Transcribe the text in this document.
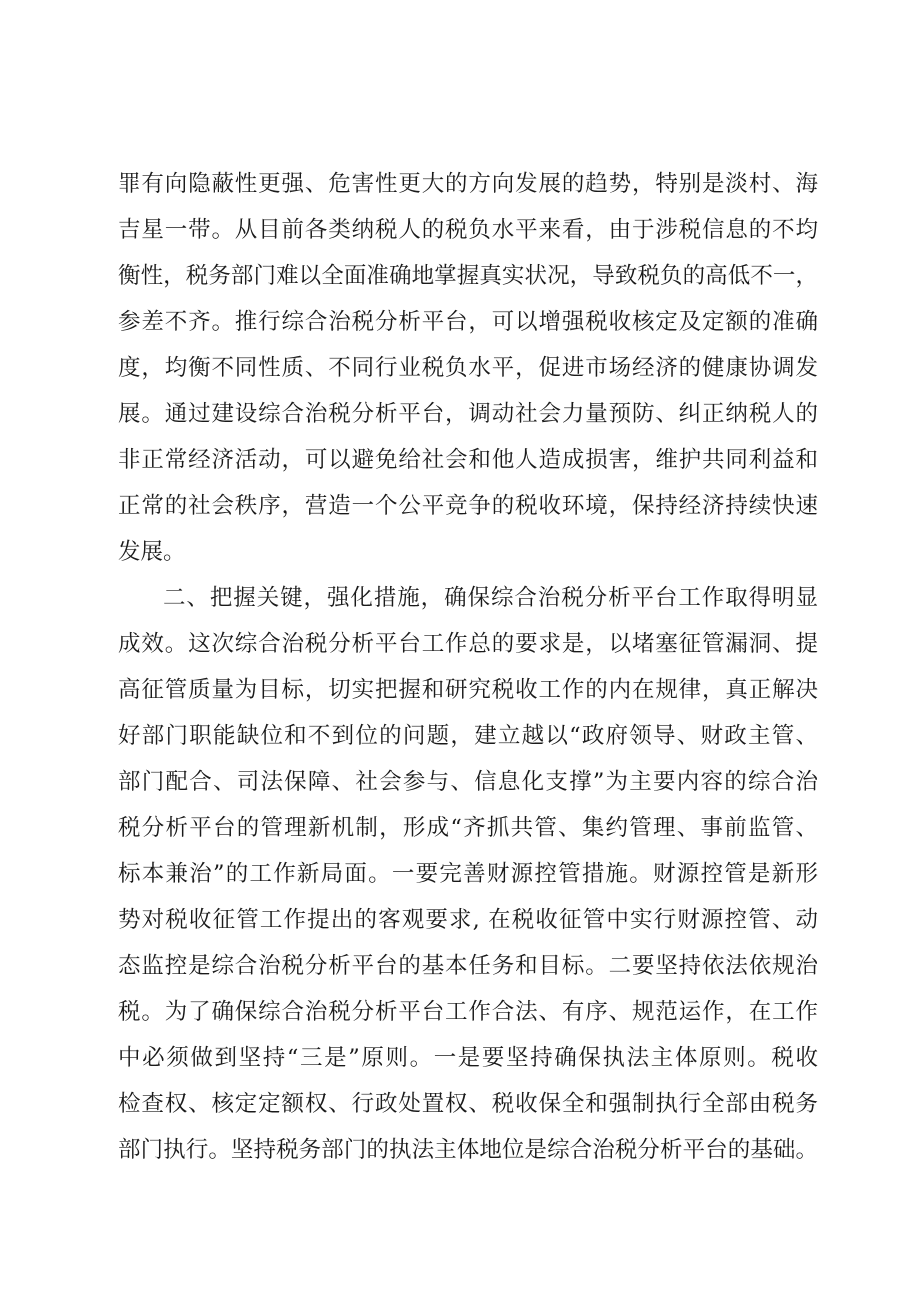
罪有向隐蔽性更强、危害性更大的方向发展的趋势，特别是淡村、海
吉星一带。从目前各类纳税人的税负水平来看，由于涉税信息的不均
衡性，税务部门难以全面准确地掌握真实状况，导致税负的高低不一，
参差不齐。推行综合治税分析平台，可以增强税收核定及定额的准确
度，均衡不同性质、不同行业税负水平，促进市场经济的健康协调发
展。通过建设综合治税分析平台，调动社会力量预防、纠正纳税人的
非正常经济活动，可以避免给社会和他人造成损害，维护共同利益和
正常的社会秩序，营造一个公平竞争的税收环境，保持经济持续快速
发展。
二、把握关键，强化措施，确保综合治税分析平台工作取得明显
成效。这次综合治税分析平台工作总的要求是，以堵塞征管漏洞、提
高征管质量为目标，切实把握和研究税收工作的内在规律，真正解决
好部门职能缺位和不到位的问题，建立越以“政府领导、财政主管、
部门配合、司法保障、社会参与、信息化支撑”为主要内容的综合治
税分析平台的管理新机制，形成“齐抓共管、集约管理、事前监管、
标本兼治”的工作新局面。一要完善财源控管措施。财源控管是新形
势对税收征管工作提出的客观要求, 在税收征管中实行财源控管、动
态监控是综合治税分析平台的基本任务和目标。二要坚持依法依规治
税。为了确保综合治税分析平台工作合法、有序、规范运作，在工作
中必须做到坚持“三是”原则。一是要坚持确保执法主体原则。税收
检查权、核定定额权、行政处置权、税收保全和强制执行全部由税务
部门执行。坚持税务部门的执法主体地位是综合治税分析平台的基础。
